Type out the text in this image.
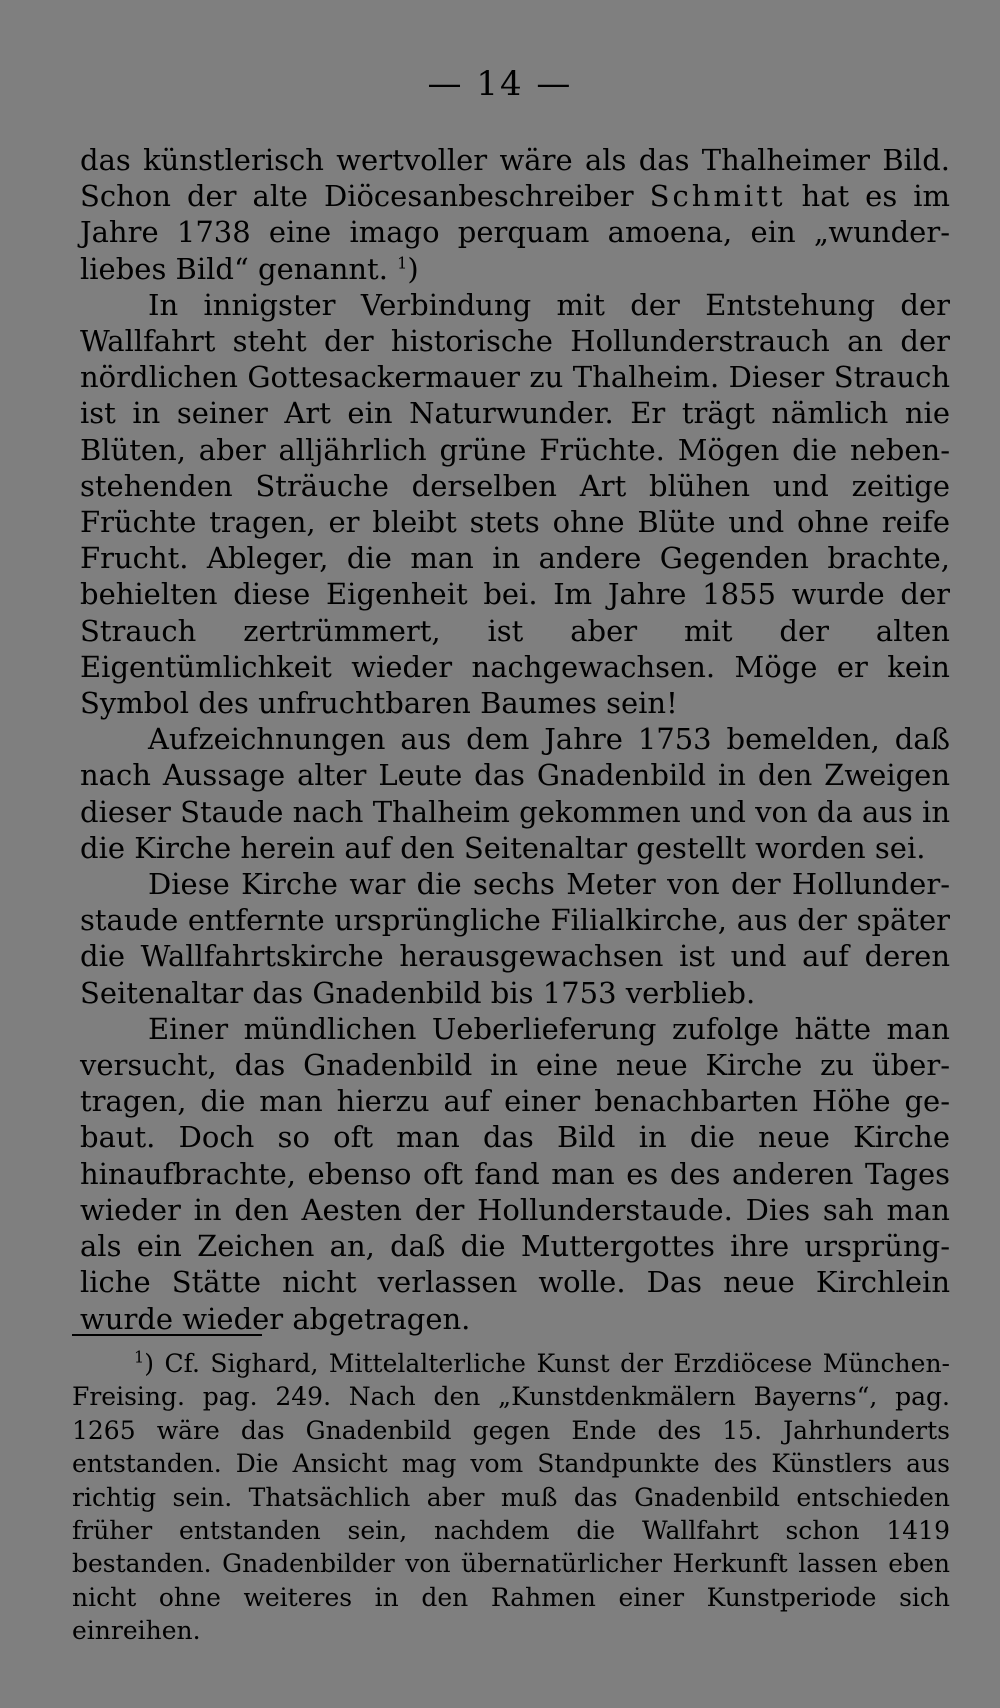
— 14 —

das künstlerisch wertvoller wäre als das Thalheimer Bild. Schon der alte Diöcesanbeschreiber Schmitt hat es im Jahre 1738 eine imago perquam amoena, ein „wunderliebes Bild“ genannt. $^1$)

In innigster Verbindung mit der Entstehung der Wallfahrt steht der historische Hollunderstrauch an der nördlichen Gottesackermauer zu Thalheim. Dieser Strauch ist in seiner Art ein Naturwunder. Er trägt nämlich nie Blüten, aber alljährlich grüne Früchte. Mögen die nebenstehenden Sträuche derselben Art blühen und zeitige Früchte tragen, er bleibt stets ohne Blüte und ohne reife Frucht. Ableger, die man in andere Gegenden brachte, behielten diese Eigenheit bei. Im Jahre 1855 wurde der Strauch zertrümmert, ist aber mit der alten Eigentümlichkeit wieder nachgewachsen. Möge er kein Symbol des unfruchtbaren Baumes sein!

Aufzeichnungen aus dem Jahre 1753 bemelden, daß nach Aussage alter Leute das Gnadenbild in den Zweigen dieser Staude nach Thalheim gekommen und von da aus in die Kirche herein auf den Seitenaltar gestellt worden sei.

Diese Kirche war die sechs Meter von der Hollunderstaude entfernte ursprüngliche Filialkirche, aus der später die Wallfahrtskirche herausgewachsen ist und auf deren Seitenaltar das Gnadenbild bis 1753 verblieb.

Einer mündlichen Ueberlieferung zufolge hätte man versucht, das Gnadenbild in eine neue Kirche zu übertragen, die man hierzu auf einer benachbarten Höhe gebaut. Doch so oft man das Bild in die neue Kirche hinaufbrachte, ebenso oft fand man es des anderen Tages wieder in den Aesten der Hollunderstaude. Dies sah man als ein Zeichen an, daß die Muttergottes ihre ursprüngliche Stätte nicht verlassen wolle. Das neue Kirchlein wurde wieder abgetragen.

$^1$) Cf. Sighard, Mittelalterliche Kunst der Erzdiöcese München-Freising. pag. 249. Nach den „Kunstdenkmälern Bayerns“, pag. 1265 wäre das Gnadenbild gegen Ende des 15. Jahrhunderts entstanden. Die Ansicht mag vom Standpunkte des Künstlers aus richtig sein. Thatsächlich aber muß das Gnadenbild entschieden früher entstanden sein, nachdem die Wallfahrt schon 1419 bestanden. Gnadenbilder von übernatürlicher Herkunft lassen eben nicht ohne weiteres in den Rahmen einer Kunstperiode sich einreihen.
